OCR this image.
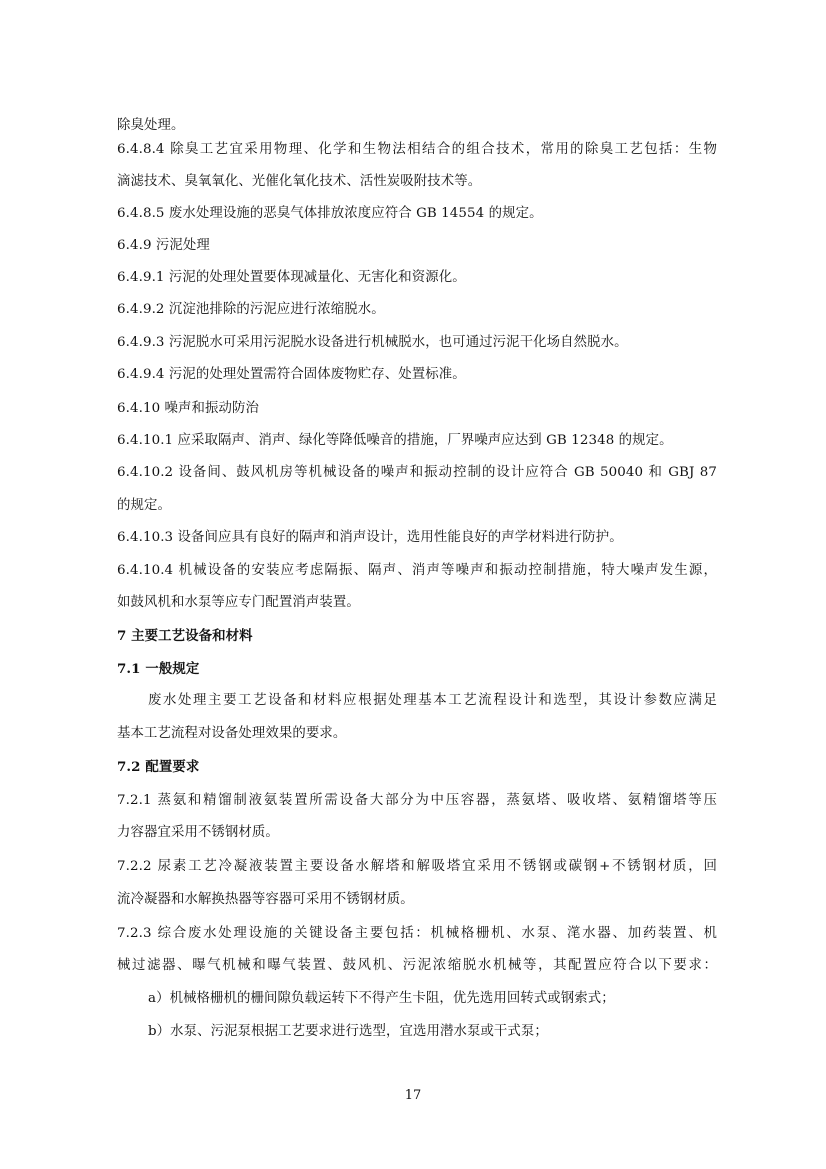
除臭处理。
6.4.8.4 除臭工艺宜采用物理、化学和生物法相结合的组合技术，常用的除臭工艺包括：生物
滴滤技术、臭氧氧化、光催化氧化技术、活性炭吸附技术等。
6.4.8.5 废水处理设施的恶臭气体排放浓度应符合 GB 14554 的规定。
6.4.9 污泥处理
6.4.9.1 污泥的处理处置要体现减量化、无害化和资源化。
6.4.9.2 沉淀池排除的污泥应进行浓缩脱水。
6.4.9.3 污泥脱水可采用污泥脱水设备进行机械脱水，也可通过污泥干化场自然脱水。
6.4.9.4 污泥的处理处置需符合固体废物贮存、处置标准。
6.4.10 噪声和振动防治
6.4.10.1 应采取隔声、消声、绿化等降低噪音的措施，厂界噪声应达到 GB 12348 的规定。
6.4.10.2 设备间、鼓风机房等机械设备的噪声和振动控制的设计应符合 GB 50040 和 GBJ 87
的规定。
6.4.10.3 设备间应具有良好的隔声和消声设计，选用性能良好的声学材料进行防护。
6.4.10.4 机械设备的安装应考虑隔振、隔声、消声等噪声和振动控制措施，特大噪声发生源，
如鼓风机和水泵等应专门配置消声装置。
7 主要工艺设备和材料
7.1 一般规定
废水处理主要工艺设备和材料应根据处理基本工艺流程设计和选型，其设计参数应满足
基本工艺流程对设备处理效果的要求。
7.2 配置要求
7.2.1 蒸氨和精馏制液氨装置所需设备大部分为中压容器，蒸氨塔、吸收塔、氨精馏塔等压
力容器宜采用不锈钢材质。
7.2.2 尿素工艺冷凝液装置主要设备水解塔和解吸塔宜采用不锈钢或碳钢+不锈钢材质，回
流冷凝器和水解换热器等容器可采用不锈钢材质。
7.2.3 综合废水处理设施的关键设备主要包括：机械格栅机、水泵、滗水器、加药装置、机
械过滤器、曝气机械和曝气装置、鼓风机、污泥浓缩脱水机械等，其配置应符合以下要求：
a）机械格栅机的栅间隙负载运转下不得产生卡阻，优先选用回转式或钢索式；
b）水泵、污泥泵根据工艺要求进行选型，宜选用潜水泵或干式泵；
17
